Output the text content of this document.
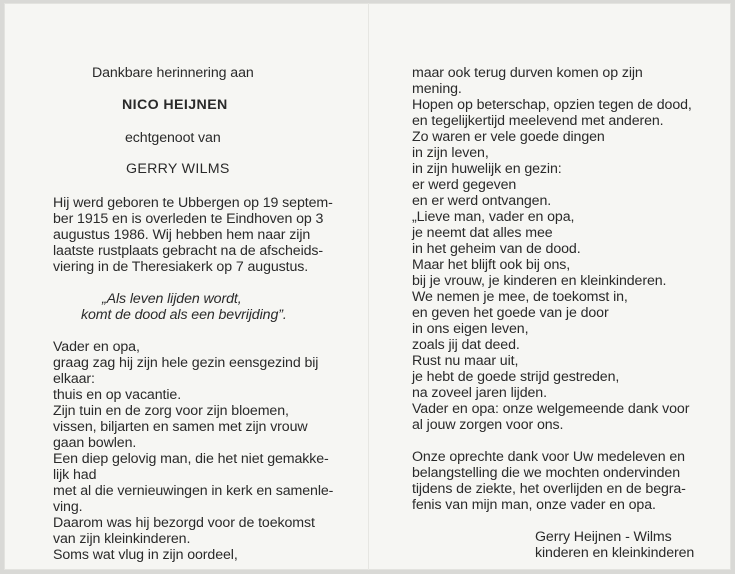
Dankbare herinnering aan
NICO HEIJNEN
echtgenoot van
GERRY WILMS
Hij werd geboren te Ubbergen op 19 septem-
ber 1915 en is overleden te Eindhoven op 3
augustus 1986. Wij hebben hem naar zijn
laatste rustplaats gebracht na de afscheids-
viering in de Theresiakerk op 7 augustus.
„Als leven lijden wordt,
komt de dood als een bevrijding”.
Vader en opa,
graag zag hij zijn hele gezin eensgezind bij
elkaar:
thuis en op vacantie.
Zijn tuin en de zorg voor zijn bloemen,
vissen, biljarten en samen met zijn vrouw
gaan bowlen.
Een diep gelovig man, die het niet gemakke-
lijk had
met al die vernieuwingen in kerk en samenle-
ving.
Daarom was hij bezorgd voor de toekomst
van zijn kleinkinderen.
Soms wat vlug in zijn oordeel,
maar ook terug durven komen op zijn
mening.
Hopen op beterschap, opzien tegen de dood,
en tegelijkertijd meelevend met anderen.
Zo waren er vele goede dingen
in zijn leven,
in zijn huwelijk en gezin:
er werd gegeven
en er werd ontvangen.
„Lieve man, vader en opa,
je neemt dat alles mee
in het geheim van de dood.
Maar het blijft ook bij ons,
bij je vrouw, je kinderen en kleinkinderen.
We nemen je mee, de toekomst in,
en geven het goede van je door
in ons eigen leven,
zoals jij dat deed.
Rust nu maar uit,
je hebt de goede strijd gestreden,
na zoveel jaren lijden.
Vader en opa: onze welgemeende dank voor
al jouw zorgen voor ons.
Onze oprechte dank voor Uw medeleven en
belangstelling die we mochten ondervinden
tijdens de ziekte, het overlijden en de begra-
fenis van mijn man, onze vader en opa.
Gerry Heijnen - Wilms
kinderen en kleinkinderen
